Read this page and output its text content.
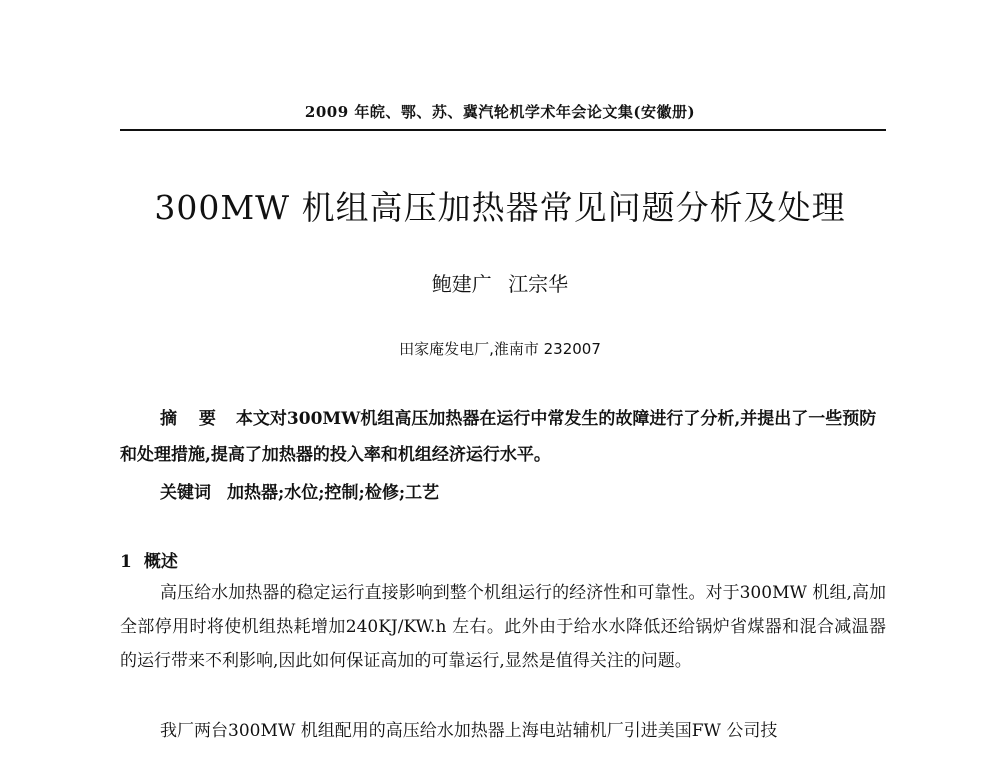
2009 年皖、鄂、苏、冀汽轮机学术年会论文集(安徽册)
300MW 机组高压加热器常见问题分析及处理
鲍建广 江宗华
田家庵发电厂,淮南市 232007

摘 要 本文对300MW机组高压加热器在运行中常发生的故障进行了分析,并提出了一些预防和处理措施,提高了加热器的投入率和机组经济运行水平。

关键词 加热器;水位;控制;检修;工艺

1 概述

高压给水加热器的稳定运行直接影响到整个机组运行的经济性和可靠性。对于300MW 机组,高加全部停用时将使机组热耗增加240KJ/KW.h 左右。此外由于给水水降低还给锅炉省煤器和混合减温器的运行带来不利影响,因此如何保证高加的可靠运行,显然是值得关注的问题。

我厂两台300MW 机组配用的高压给水加热器上海电站辅机厂引进美国FW 公司技
